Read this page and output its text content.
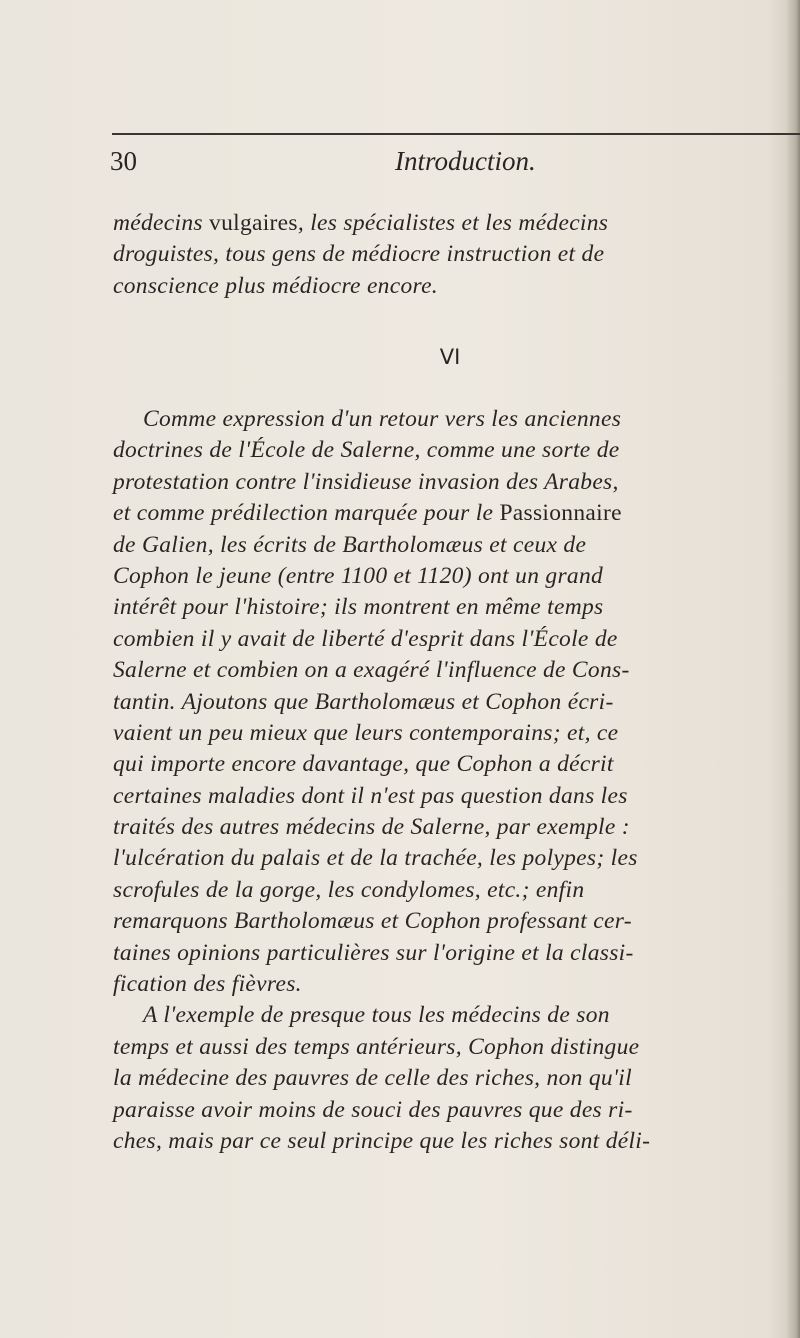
30	Introduction.
médecins vulgaires, les spécialistes et les médecins
droguistes, tous gens de médiocre instruction et de
conscience plus médiocre encore.
VI
Comme expression d'un retour vers les anciennes
doctrines de l'École de Salerne, comme une sorte de
protestation contre l'insidieuse invasion des Arabes,
et comme prédilection marquée pour le Passionnaire
de Galien, les écrits de Bartholomæus et ceux de
Cophon le jeune (entre 1100 et 1120) ont un grand
intérêt pour l'histoire; ils montrent en même temps
combien il y avait de liberté d'esprit dans l'École de
Salerne et combien on a exagéré l'influence de Cons-
tantin. Ajoutons que Bartholomæus et Cophon écri-
vaient un peu mieux que leurs contemporains; et, ce
qui importe encore davantage, que Cophon a décrit
certaines maladies dont il n'est pas question dans les
traités des autres médecins de Salerne, par exemple :
l'ulcération du palais et de la trachée, les polypes; les
scrofules de la gorge, les condylomes, etc.; enfin
remarquons Bartholomæus et Cophon professant cer-
taines opinions particulières sur l'origine et la classi-
fication des fièvres.
A l'exemple de presque tous les médecins de son
temps et aussi des temps antérieurs, Cophon distingue
la médecine des pauvres de celle des riches, non qu'il
paraisse avoir moins de souci des pauvres que des ri-
ches, mais par ce seul principe que les riches sont déli-
